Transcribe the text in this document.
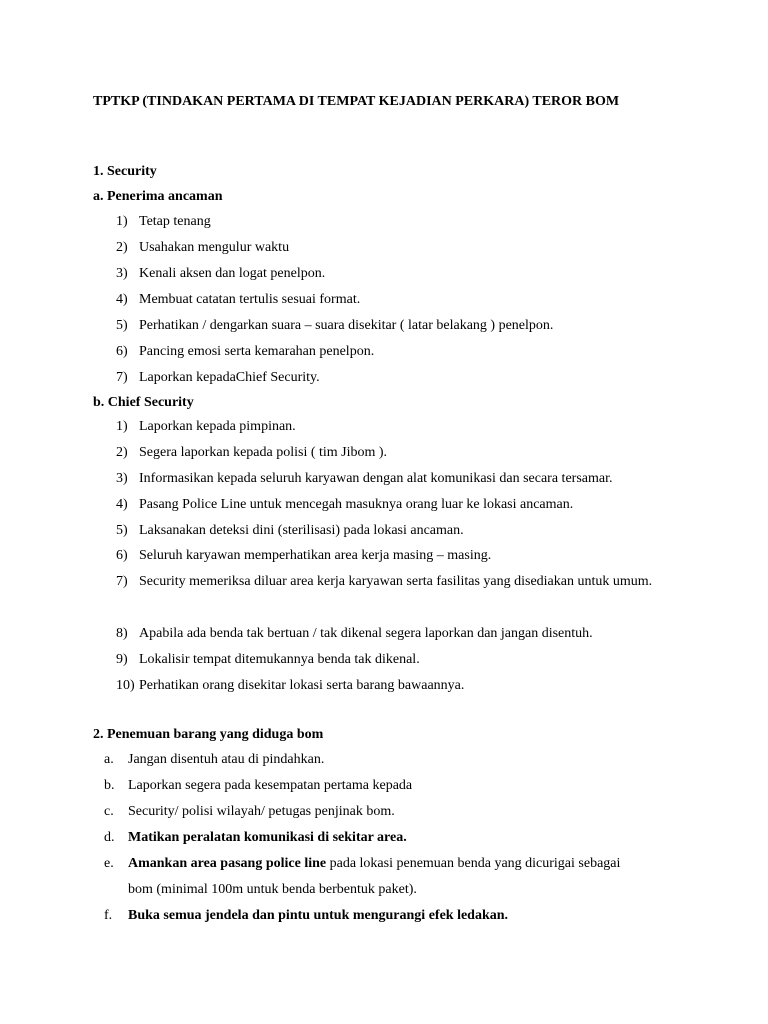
TPTKP (TINDAKAN PERTAMA DI TEMPAT KEJADIAN PERKARA) TEROR BOM
1. Security
a. Penerima ancaman
1) Tetap tenang
2) Usahakan mengulur waktu
3) Kenali aksen dan logat penelpon.
4) Membuat catatan tertulis sesuai format.
5) Perhatikan / dengarkan suara – suara disekitar ( latar belakang ) penelpon.
6) Pancing emosi serta kemarahan penelpon.
7) Laporkan kepadaChief Security.
b. Chief Security
1) Laporkan kepada pimpinan.
2) Segera laporkan kepada polisi ( tim Jibom ).
3) Informasikan kepada seluruh karyawan dengan alat komunikasi dan secara tersamar.
4) Pasang Police Line untuk mencegah masuknya orang luar ke lokasi ancaman.
5) Laksanakan deteksi dini (sterilisasi) pada lokasi ancaman.
6) Seluruh karyawan memperhatikan area kerja masing – masing.
7) Security memeriksa diluar area kerja karyawan serta fasilitas yang disediakan untuk umum.
8) Apabila ada benda tak bertuan / tak dikenal segera laporkan dan jangan disentuh.
9) Lokalisir tempat ditemukannya benda tak dikenal.
10) Perhatikan orang disekitar lokasi serta barang bawaannya.
2. Penemuan barang yang diduga bom
a. Jangan disentuh atau di pindahkan.
b. Laporkan segera pada kesempatan pertama kepada
c. Security/ polisi wilayah/ petugas penjinak bom.
d. Matikan peralatan komunikasi di sekitar area.
e. Amankan area pasang police line pada lokasi penemuan benda yang dicurigai sebagai
bom (minimal 100m untuk benda berbentuk paket).
f. Buka semua jendela dan pintu untuk mengurangi efek ledakan.
